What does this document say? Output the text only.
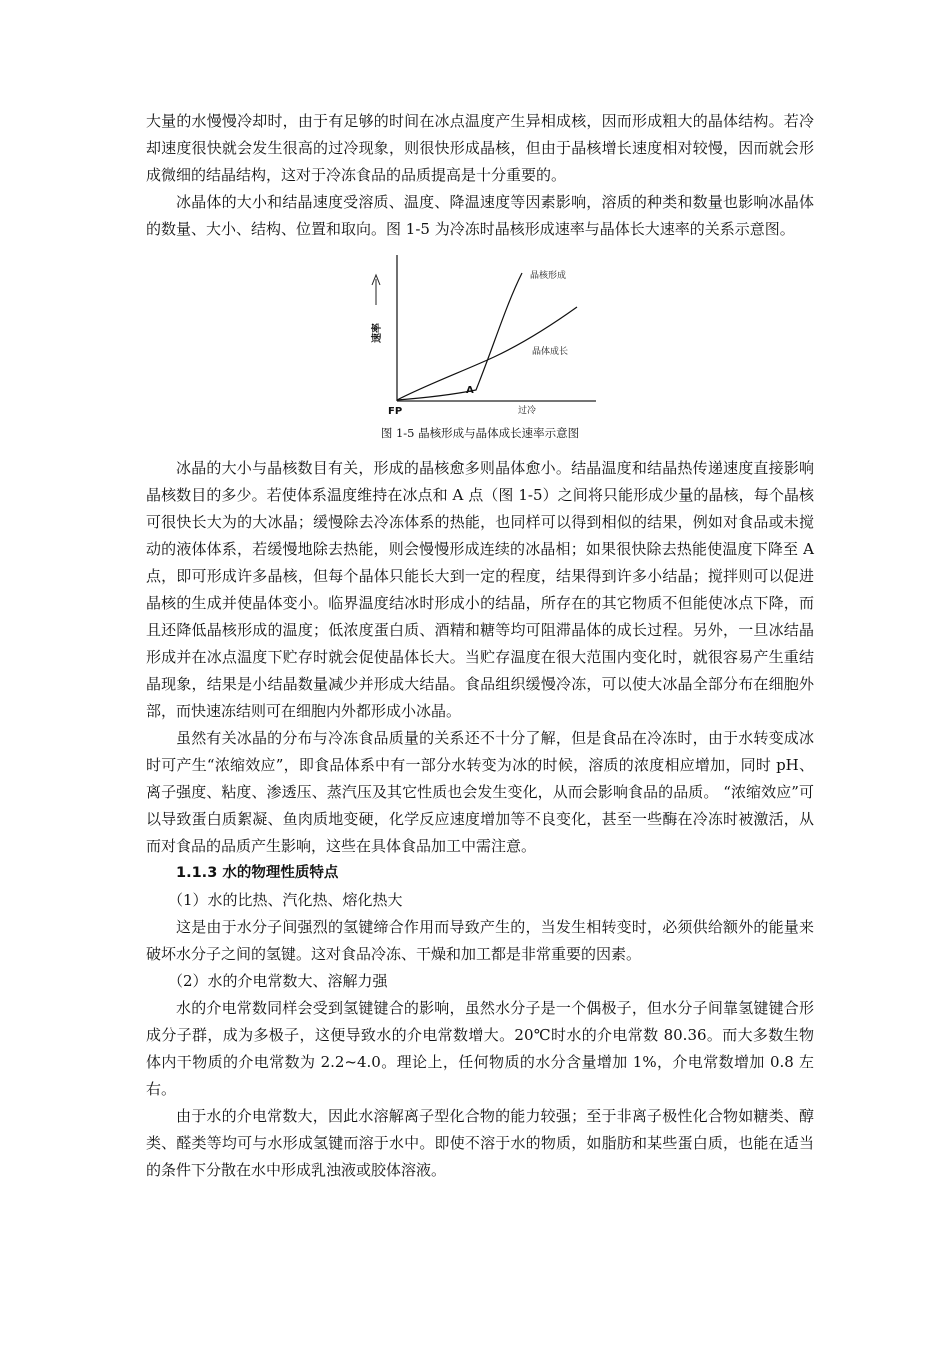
大量的水慢慢冷却时，由于有足够的时间在冰点温度产生异相成核，因而形成粗大的晶体结构。若冷却速度很快就会发生很高的过冷现象，则很快形成晶核，但由于晶核增长速度相对较慢，因而就会形成微细的结晶结构，这对于冷冻食品的品质提高是十分重要的。

冰晶体的大小和结晶速度受溶质、温度、降温速度等因素影响，溶质的种类和数量也影响冰晶体的数量、大小、结构、位置和取向。图 1-5 为冷冻时晶核形成速率与晶体长大速率的关系示意图。

速率
晶核形成
晶体成长
A
FP	过冷
图 1-5 晶核形成与晶体成长速率示意图

冰晶的大小与晶核数目有关，形成的晶核愈多则晶体愈小。结晶温度和结晶热传递速度直接影响晶核数目的多少。若使体系温度维持在冰点和 A 点（图 1-5）之间将只能形成少量的晶核，每个晶核可很快长大为的大冰晶；缓慢除去冷冻体系的热能，也同样可以得到相似的结果，例如对食品或未搅动的液体体系，若缓慢地除去热能，则会慢慢形成连续的冰晶相；如果很快除去热能使温度下降至 A 点，即可形成许多晶核，但每个晶体只能长大到一定的程度，结果得到许多小结晶；搅拌则可以促进晶核的生成并使晶体变小。临界温度结冰时形成小的结晶，所存在的其它物质不但能使冰点下降，而且还降低晶核形成的温度；低浓度蛋白质、酒精和糖等均可阻滞晶体的成长过程。另外，一旦冰结晶形成并在冰点温度下贮存时就会促使晶体长大。当贮存温度在很大范围内变化时，就很容易产生重结晶现象，结果是小结晶数量减少并形成大结晶。食品组织缓慢冷冻，可以使大冰晶全部分布在细胞外部，而快速冻结则可在细胞内外都形成小冰晶。

虽然有关冰晶的分布与冷冻食品质量的关系还不十分了解，但是食品在冷冻时，由于水转变成冰时可产生“浓缩效应”，即食品体系中有一部分水转变为冰的时候，溶质的浓度相应增加，同时 pH、离子强度、粘度、渗透压、蒸汽压及其它性质也会发生变化，从而会影响食品的品质。 “浓缩效应”可以导致蛋白质絮凝、鱼肉质地变硬，化学反应速度增加等不良变化，甚至一些酶在冷冻时被激活，从而对食品的品质产生影响，这些在具体食品加工中需注意。

1.1.3 水的物理性质特点

（1）水的比热、汽化热、熔化热大

这是由于水分子间强烈的氢键缔合作用而导致产生的，当发生相转变时，必须供给额外的能量来破坏水分子之间的氢键。这对食品冷冻、干燥和加工都是非常重要的因素。

（2）水的介电常数大、溶解力强

水的介电常数同样会受到氢键键合的影响，虽然水分子是一个偶极子，但水分子间靠氢键键合形成分子群，成为多极子，这便导致水的介电常数增大。20℃时水的介电常数 80.36。而大多数生物体内干物质的介电常数为 2.2~4.0。理论上，任何物质的水分含量增加 1%，介电常数增加 0.8 左右。

由于水的介电常数大，因此水溶解离子型化合物的能力较强；至于非离子极性化合物如糖类、醇类、醛类等均可与水形成氢键而溶于水中。即使不溶于水的物质，如脂肪和某些蛋白质，也能在适当的条件下分散在水中形成乳浊液或胶体溶液。
